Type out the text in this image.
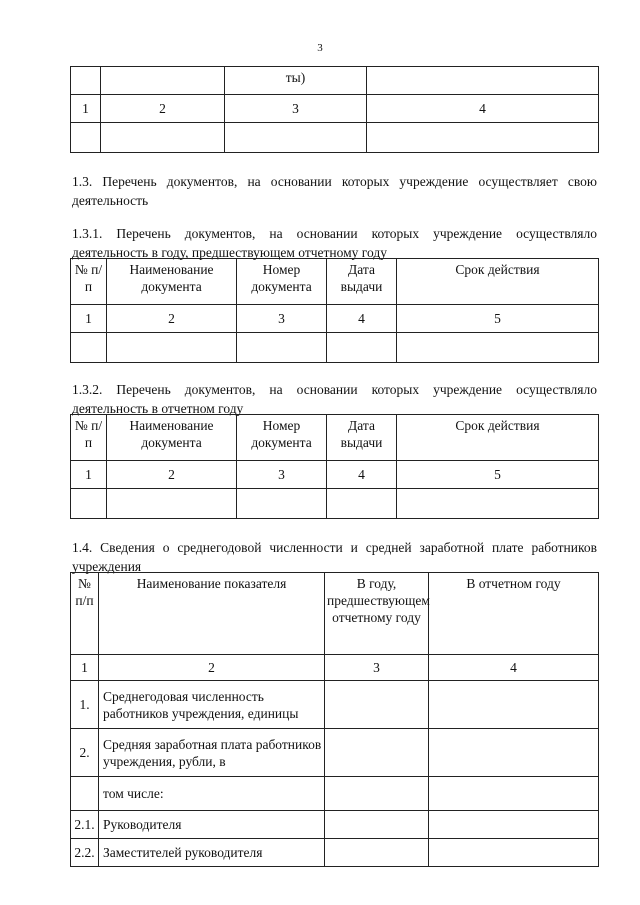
3
		ты)	
1	2	3	4

1.3. Перечень документов, на основании которых учреждение осуществляет свою деятельность
1.3.1. Перечень документов, на основании которых учреждение осуществляло деятельность в году, предшествующем отчетному году
№ п/п	Наименование документа	Номер документа	Дата выдачи	Срок действия
1	2	3	4	5

1.3.2. Перечень документов, на основании которых учреждение осуществляло деятельность в отчетном году
№ п/п	Наименование документа	Номер документа	Дата выдачи	Срок действия
1	2	3	4	5

1.4. Сведения о среднегодовой численности и средней заработной плате работников учреждения
№ п/п	Наименование показателя	В году, предшествующем отчетному году	В отчетном году
1	2	3	4
1.	Среднегодовая численность работников учреждения, единицы		
2.	Средняя заработная плата работников учреждения, рубли, в		
	том числе:		
2.1.	Руководителя		
2.2.	Заместителей руководителя		
